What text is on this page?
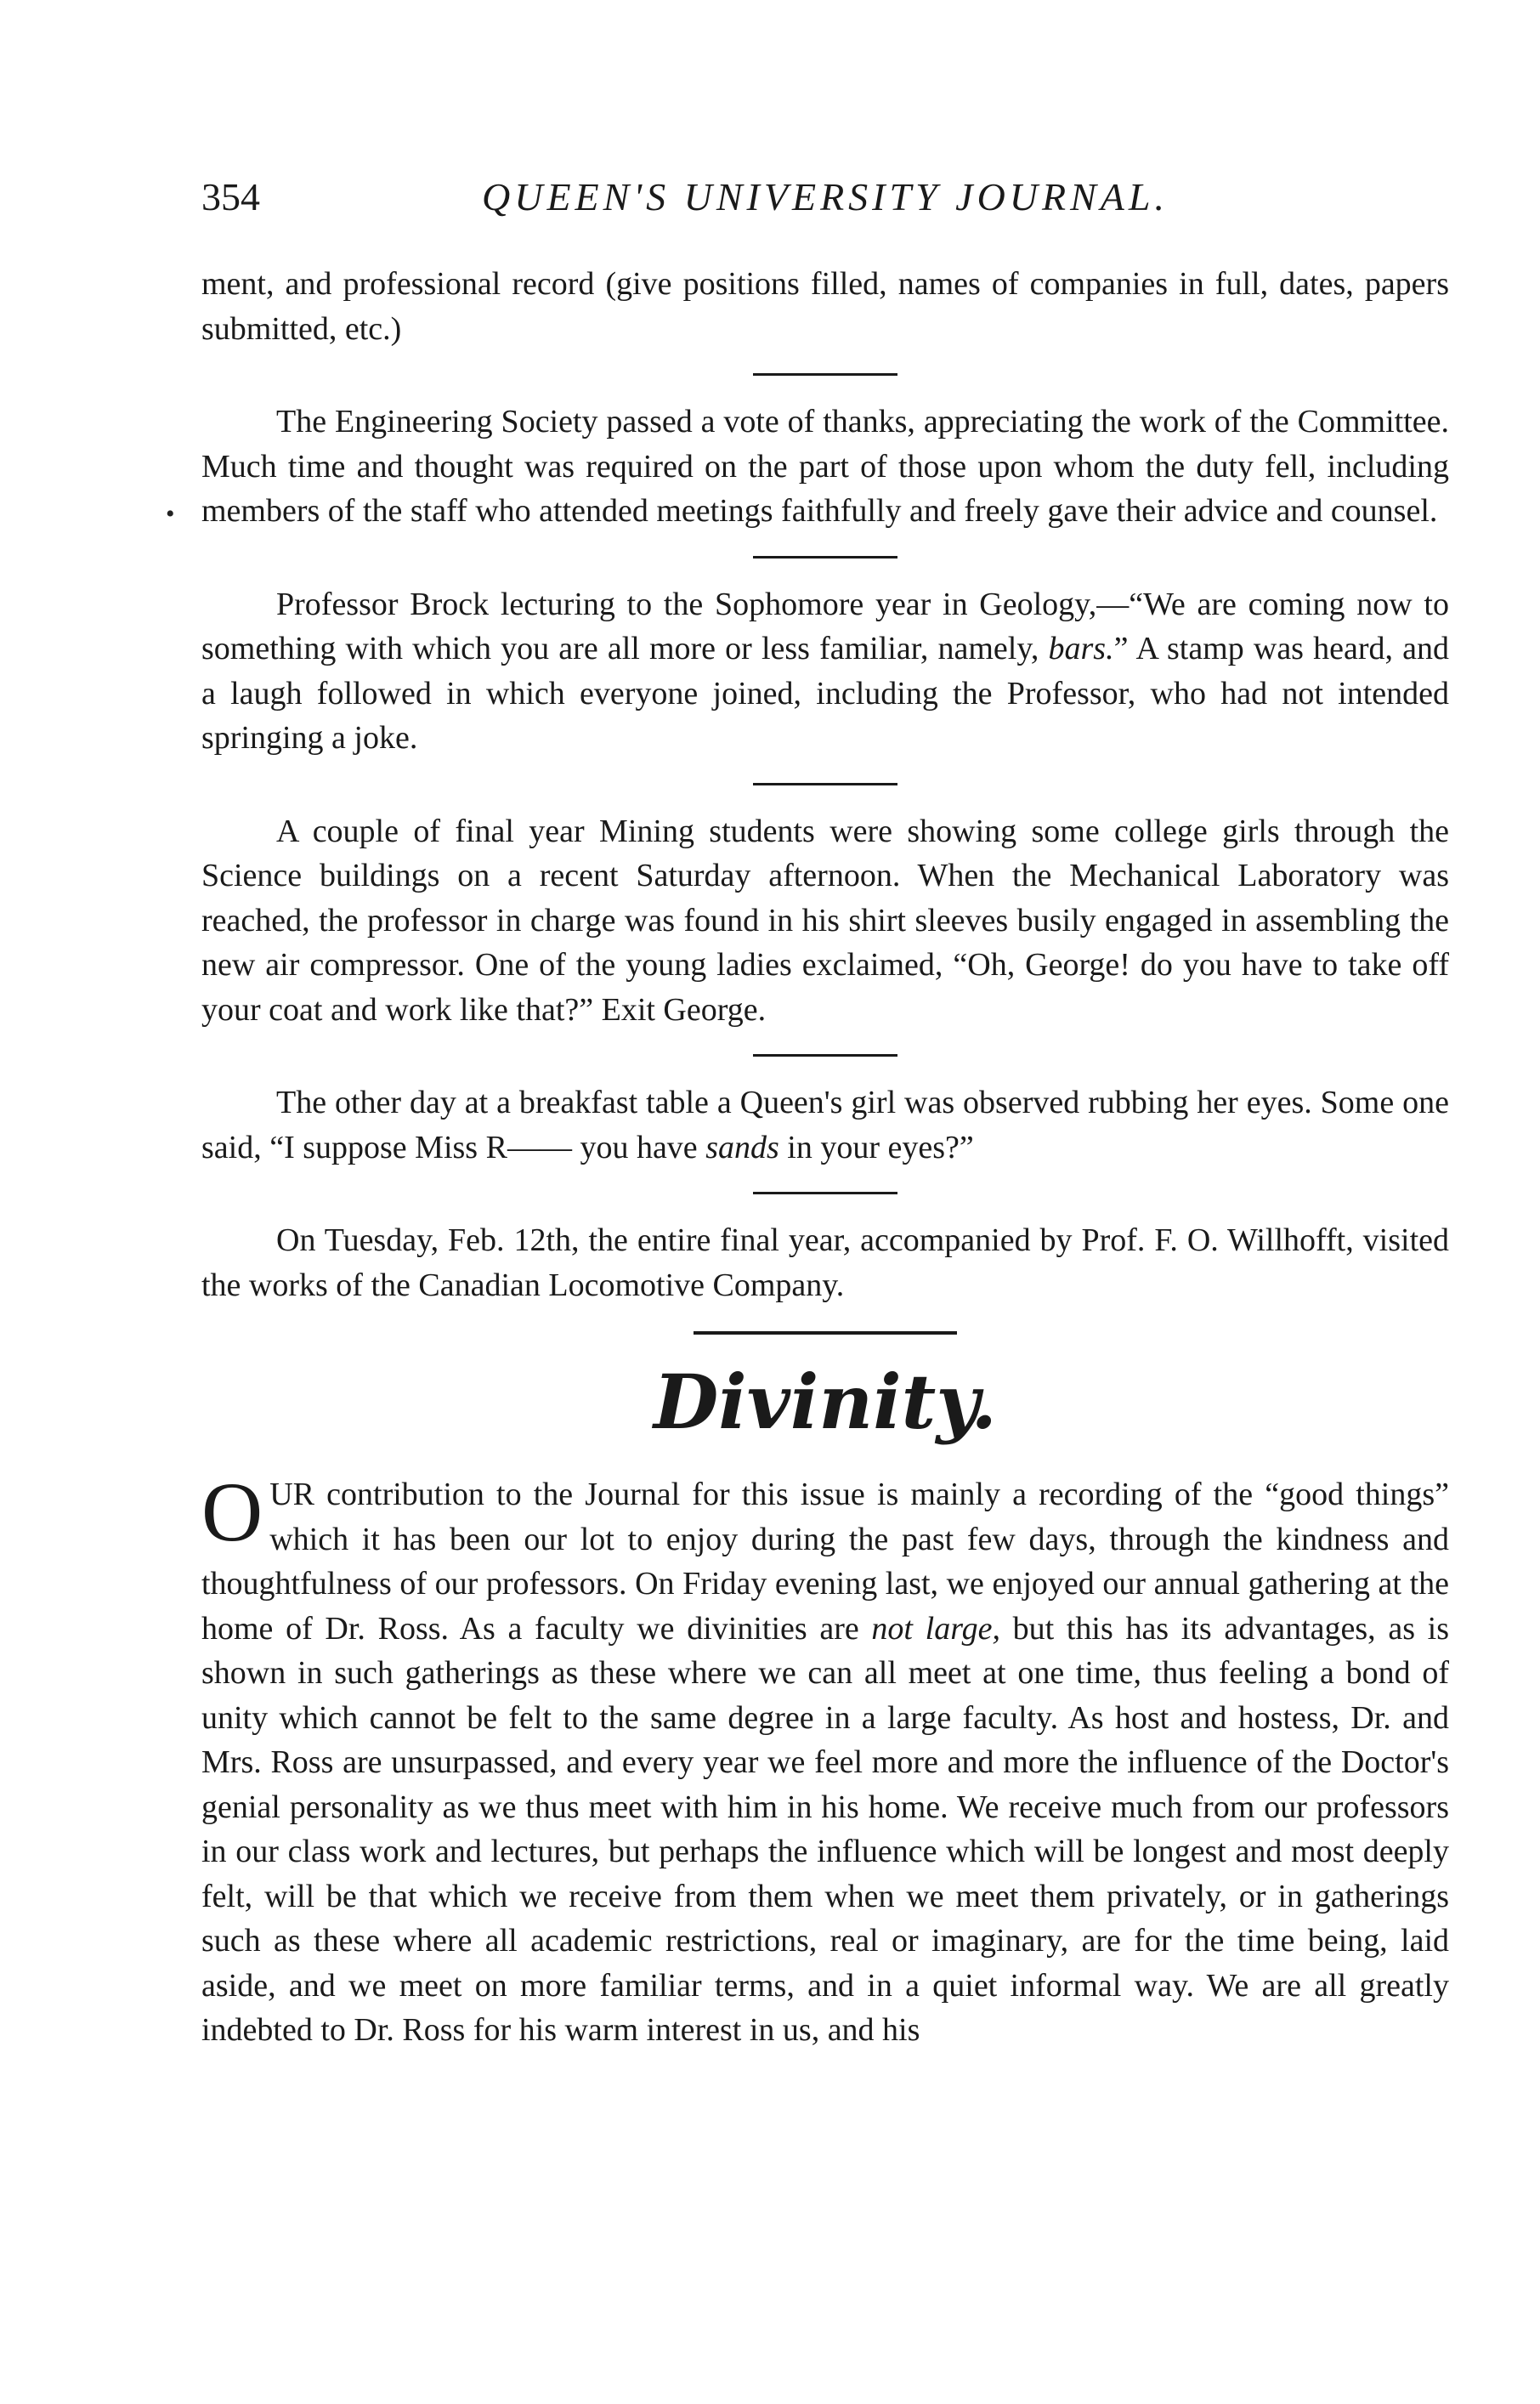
354	QUEEN'S UNIVERSITY JOURNAL.
•

ment, and professional record (give positions filled, names of companies in full, dates, papers submitted, etc.)

The Engineering Society passed a vote of thanks, appreciating the work of the Committee. Much time and thought was required on the part of those upon whom the duty fell, including members of the staff who attended meetings faithfully and freely gave their advice and counsel.

Professor Brock lecturing to the Sophomore year in Geology,—“We are coming now to something with which you are all more or less familiar, namely, bars.” A stamp was heard, and a laugh followed in which everyone joined, including the Professor, who had not intended springing a joke.

A couple of final year Mining students were showing some college girls through the Science buildings on a recent Saturday afternoon. When the Mechanical Laboratory was reached, the professor in charge was found in his shirt sleeves busily engaged in assembling the new air compressor. One of the young ladies exclaimed, “Oh, George! do you have to take off your coat and work like that?” Exit George.

The other day at a breakfast table a Queen's girl was observed rubbing her eyes. Some one said, “I suppose Miss R—— you have sands in your eyes?”

On Tuesday, Feb. 12th, the entire final year, accompanied by Prof. F. O. Willhofft, visited the works of the Canadian Locomotive Company.

Divinity.

OUR contribution to the Journal for this issue is mainly a recording of the “good things” which it has been our lot to enjoy during the past few days, through the kindness and thoughtfulness of our professors. On Friday evening last, we enjoyed our annual gathering at the home of Dr. Ross. As a faculty we divinities are not large, but this has its advantages, as is shown in such gatherings as these where we can all meet at one time, thus feeling a bond of unity which cannot be felt to the same degree in a large faculty. As host and hostess, Dr. and Mrs. Ross are unsurpassed, and every year we feel more and more the influence of the Doctor's genial personality as we thus meet with him in his home. We receive much from our professors in our class work and lectures, but perhaps the influence which will be longest and most deeply felt, will be that which we receive from them when we meet them privately, or in gatherings such as these where all academic restrictions, real or imaginary, are for the time being, laid aside, and we meet on more familiar terms, and in a quiet informal way. We are all greatly indebted to Dr. Ross for his warm interest in us, and his
